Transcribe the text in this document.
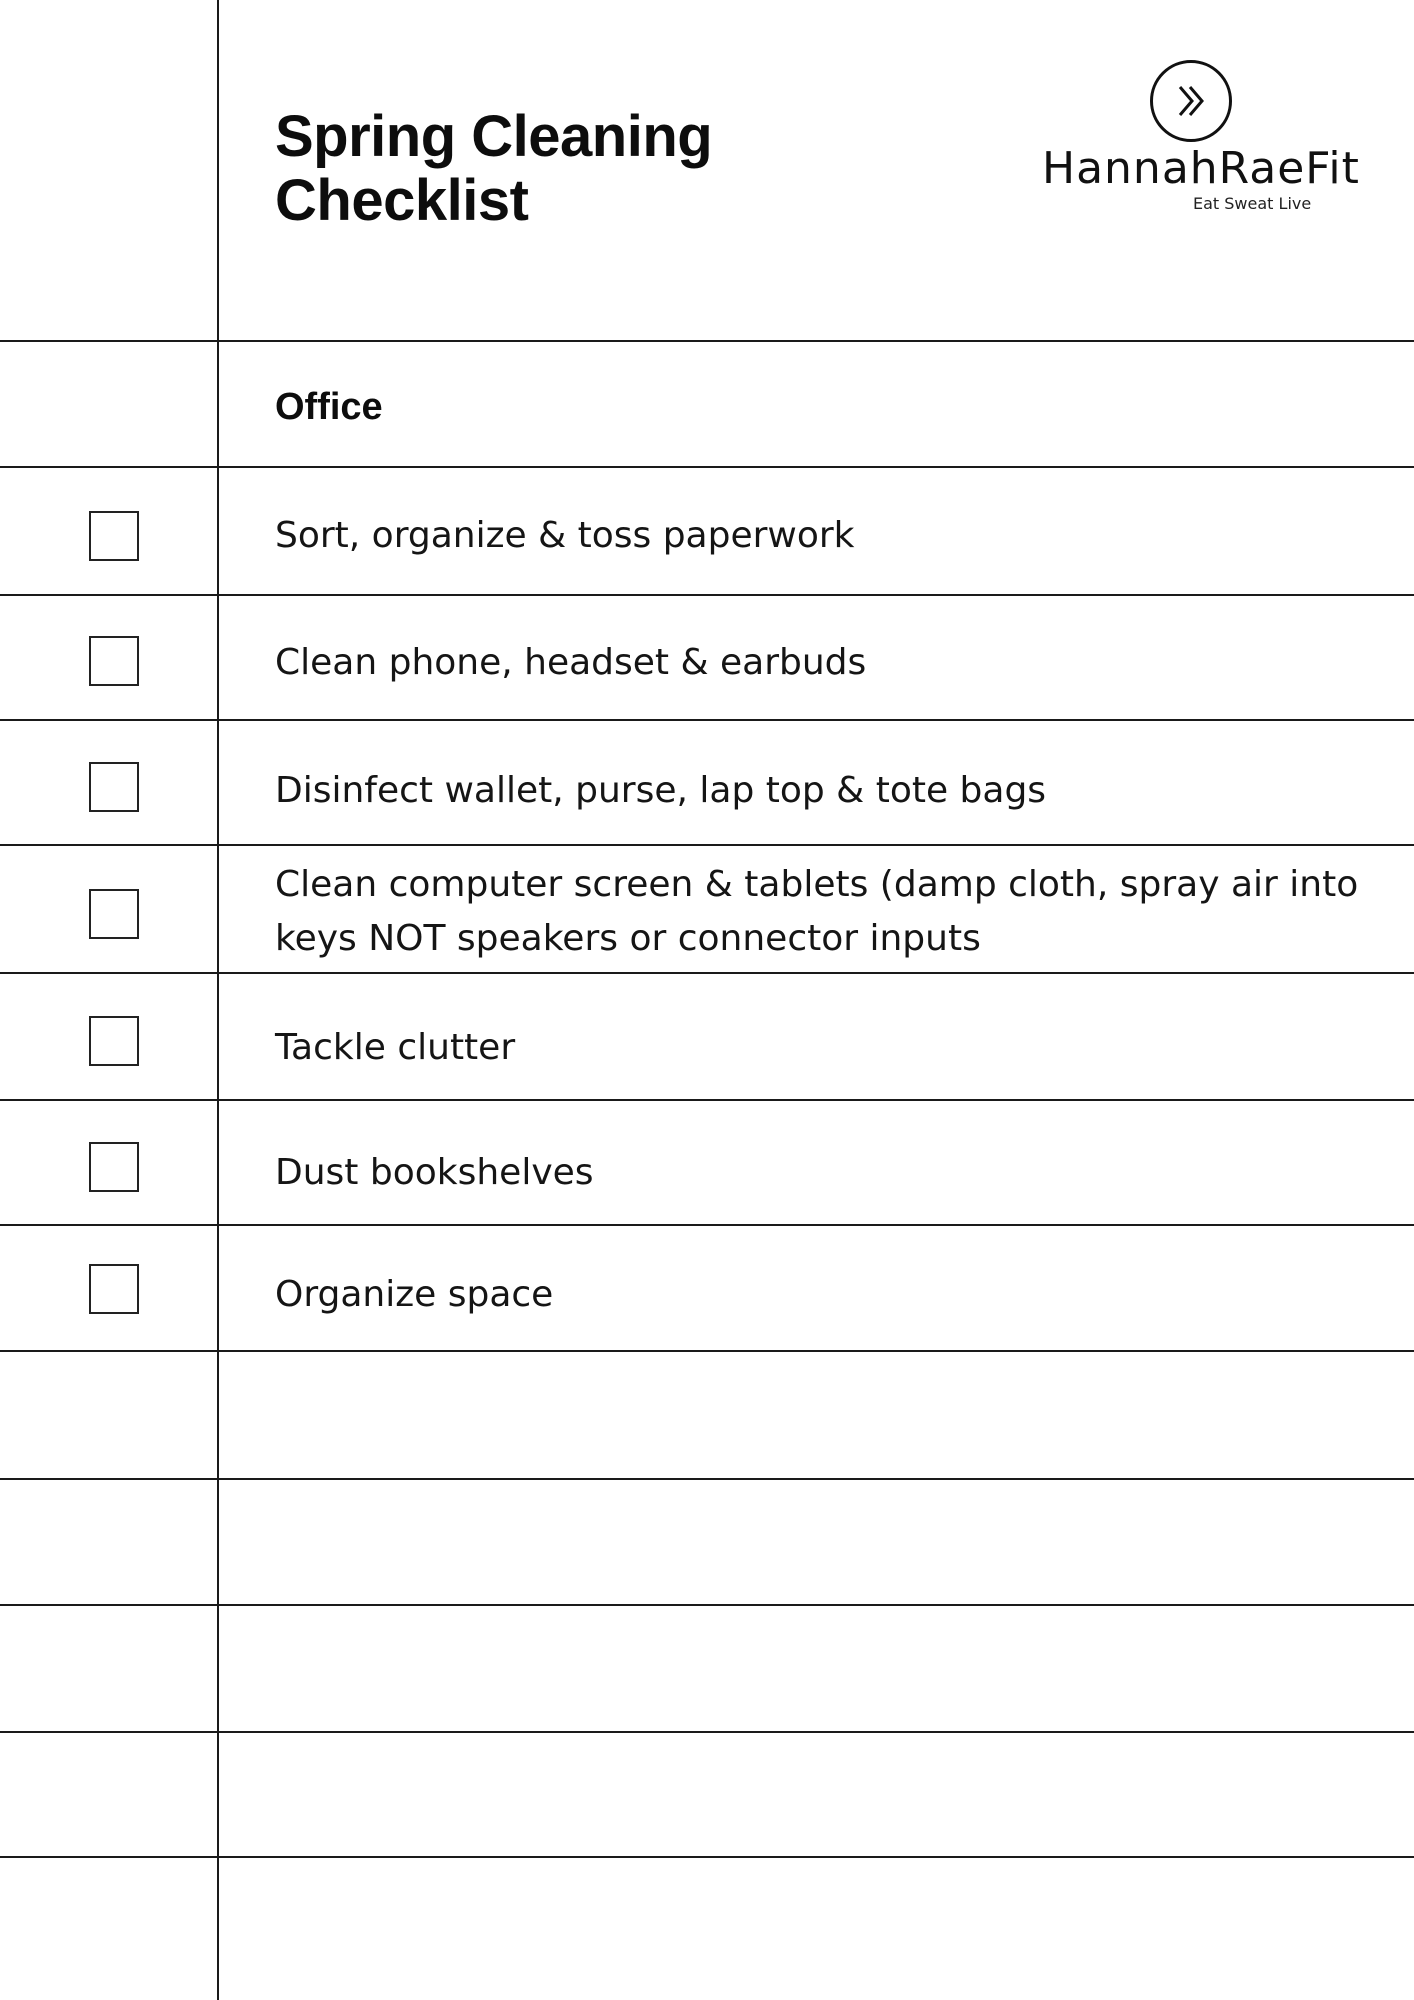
Spring Cleaning
Checklist	HannahRaeFit
Eat Sweat Live
Office
Sort, organize & toss paperwork
Clean phone, headset & earbuds
Disinfect wallet, purse, lap top & tote bags
Clean computer screen & tablets (damp cloth, spray air into keys NOT speakers or connector inputs
Tackle clutter
Dust bookshelves
Organize space
